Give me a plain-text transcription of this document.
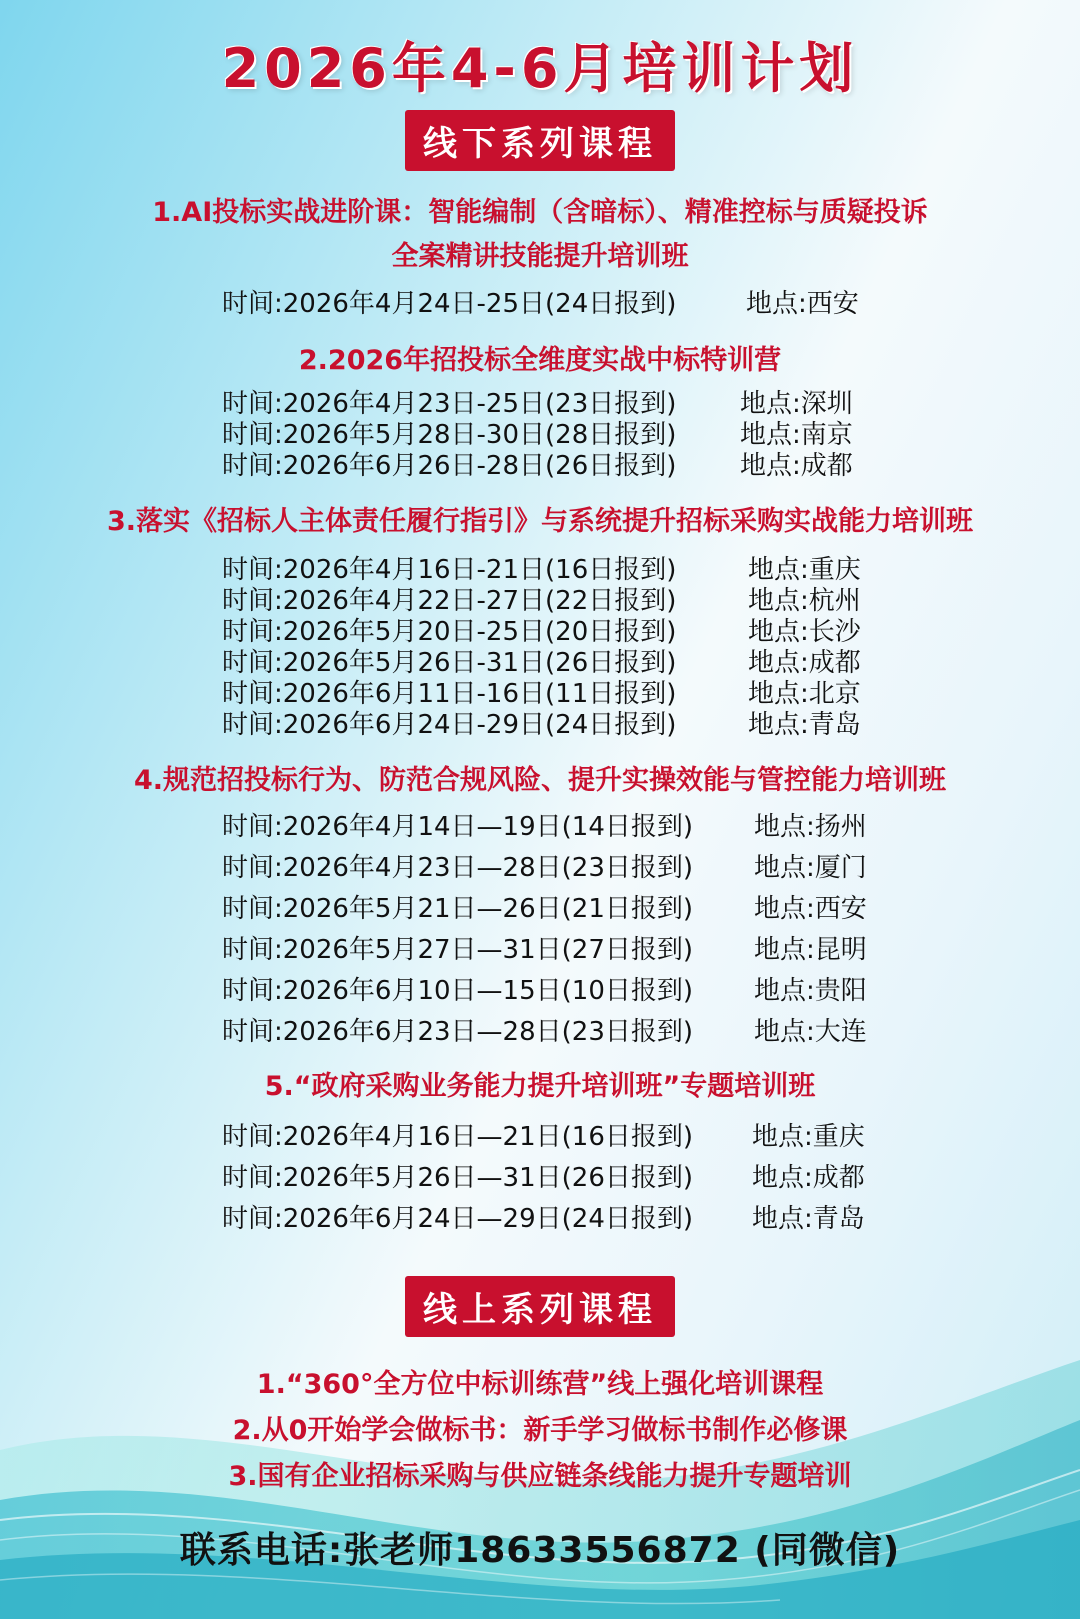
2026年4-6月培训计划
线下系列课程
1.AI投标实战进阶课：智能编制（含暗标）、精准控标与质疑投诉
全案精讲技能提升培训班
时间:2026年4月24日-25日(24日报到)	地点:西安
2.2026年招投标全维度实战中标特训营
时间:2026年4月23日-25日(23日报到) 地点:深圳
时间:2026年5月28日-30日(28日报到) 地点:南京
时间:2026年6月26日-28日(26日报到) 地点:成都
3.落实《招标人主体责任履行指引》与系统提升招标采购实战能力培训班
时间:2026年4月16日-21日(16日报到)	地点:重庆
时间:2026年4月22日-27日(22日报到)	地点:杭州
时间:2026年5月20日-25日(20日报到)	地点:长沙
时间:2026年5月26日-31日(26日报到)	地点:成都
时间:2026年6月11日-16日(11日报到)	地点:北京
时间:2026年6月24日-29日(24日报到)	地点:青岛
4.规范招投标行为、防范合规风险、提升实操效能与管控能力培训班
时间:2026年4月14日—19日(14日报到) 地点:扬州
时间:2026年4月23日—28日(23日报到) 地点:厦门
时间:2026年5月21日—26日(21日报到) 地点:西安
时间:2026年5月27日—31日(27日报到) 地点:昆明
时间:2026年6月10日—15日(10日报到) 地点:贵阳
时间:2026年6月23日—28日(23日报到) 地点:大连
5.“政府采购业务能力提升培训班”专题培训班
时间:2026年4月16日—21日(16日报到) 地点:重庆
时间:2026年5月26日—31日(26日报到) 地点:成都
时间:2026年6月24日—29日(24日报到) 地点:青岛
线上系列课程
1.“360°全方位中标训练营”线上强化培训课程
2.从0开始学会做标书：新手学习做标书制作必修课
3.国有企业招标采购与供应链条线能力提升专题培训
联系电话:张老师18633556872 (同微信)
